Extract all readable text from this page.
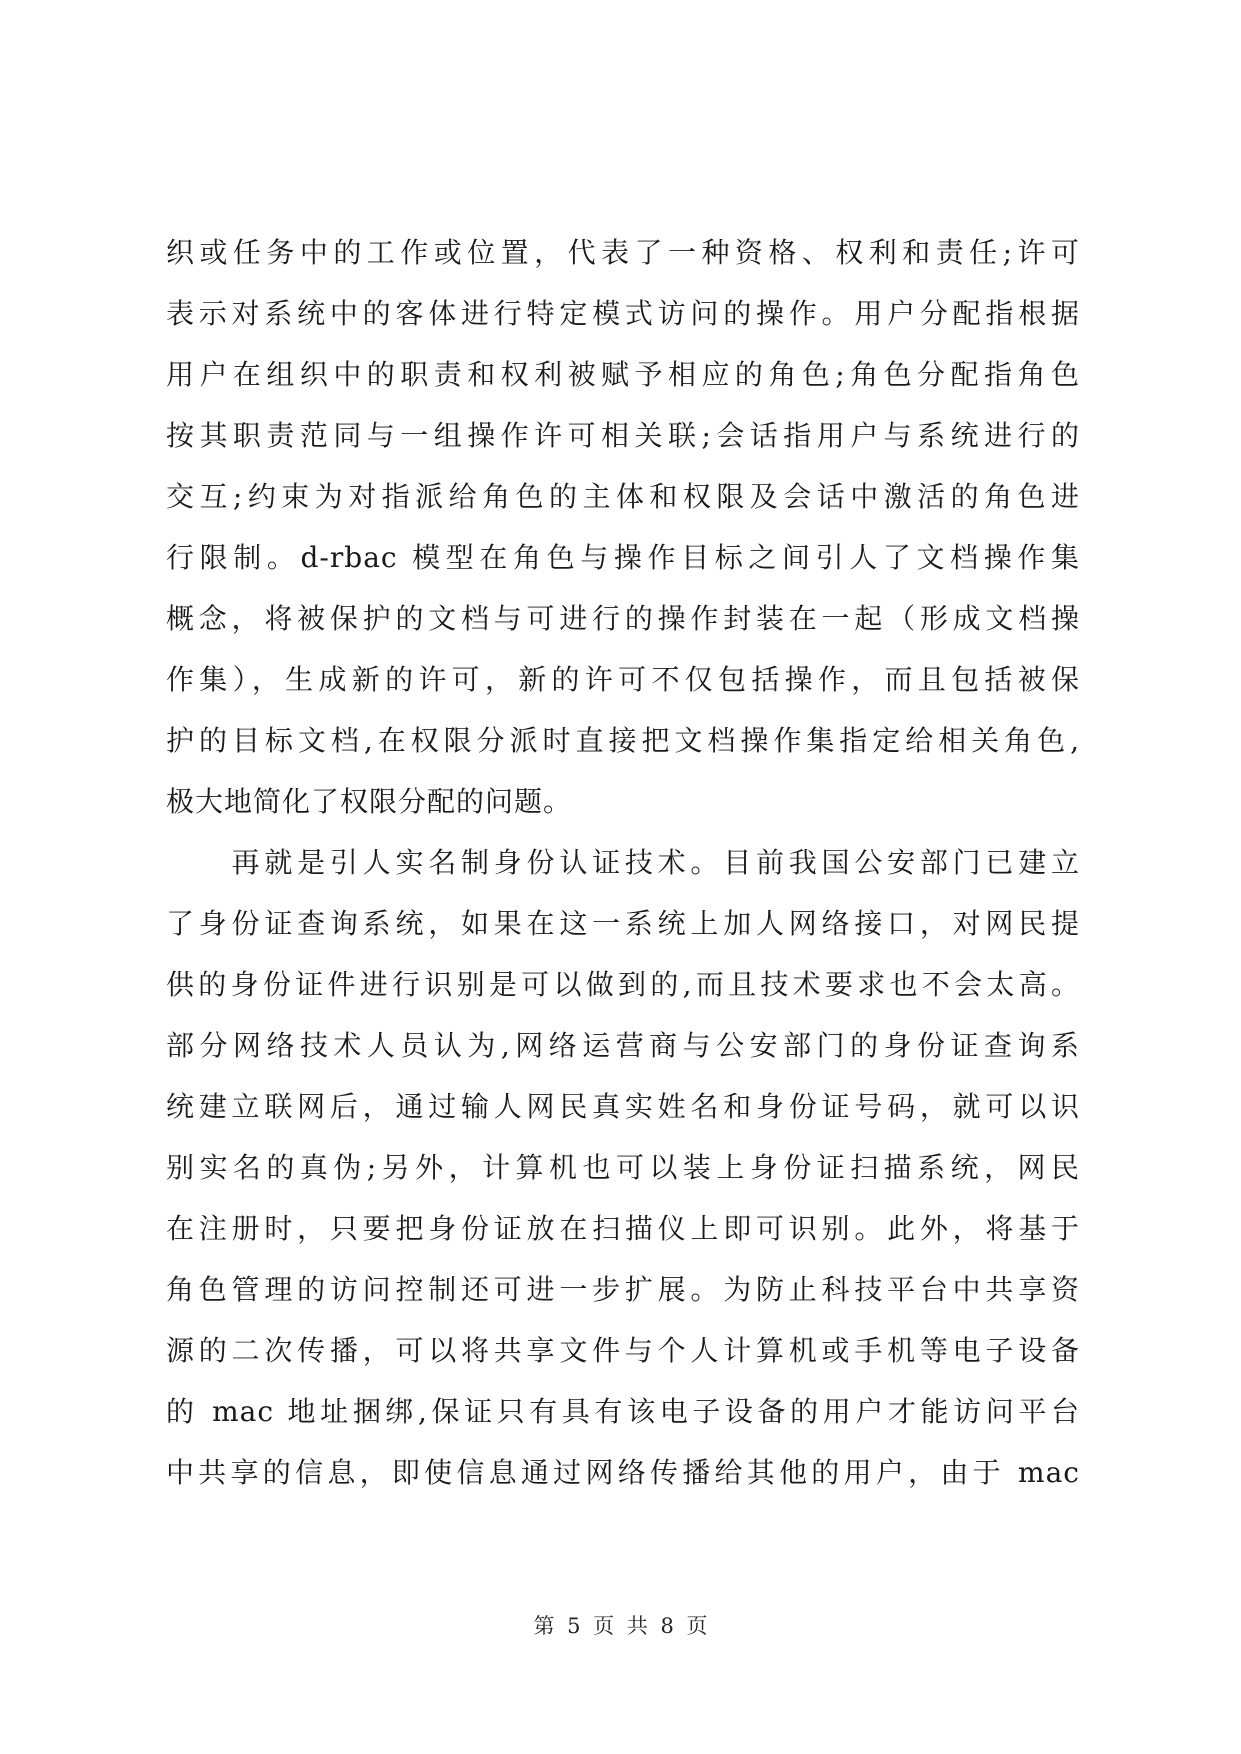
织或任务中的工作或位置，代表了一种资格、权利和责任;许可
表示对系统中的客体进行特定模式访问的操作。用户分配指根据
用户在组织中的职责和权利被赋予相应的角色;角色分配指角色
按其职责范同与一组操作许可相关联;会话指用户与系统进行的
交互;约束为对指派给角色的主体和权限及会话中激活的角色进
行限制。d-rbac 模型在角色与操作目标之间引人了文档操作集
概念，将被保护的文档与可进行的操作封装在一起（形成文档操
作集），生成新的许可，新的许可不仅包括操作，而且包括被保
护的目标文档,在权限分派时直接把文档操作集指定给相关角色,
极大地简化了权限分配的问题。
　　再就是引人实名制身份认证技术。目前我国公安部门已建立
了身份证查询系统，如果在这一系统上加人网络接口，对网民提
供的身份证件进行识别是可以做到的,而且技术要求也不会太高。
部分网络技术人员认为,网络运营商与公安部门的身份证查询系
统建立联网后，通过输人网民真实姓名和身份证号码，就可以识
别实名的真伪;另外，计算机也可以装上身份证扫描系统，网民
在注册时，只要把身份证放在扫描仪上即可识别。此外，将基于
角色管理的访问控制还可进一步扩展。为防止科技平台中共享资
源的二次传播，可以将共享文件与个人计算机或手机等电子设备
的 mac 地址捆绑,保证只有具有该电子设备的用户才能访问平台
中共享的信息，即使信息通过网络传播给其他的用户，由于 mac
第 5 页 共 8 页
